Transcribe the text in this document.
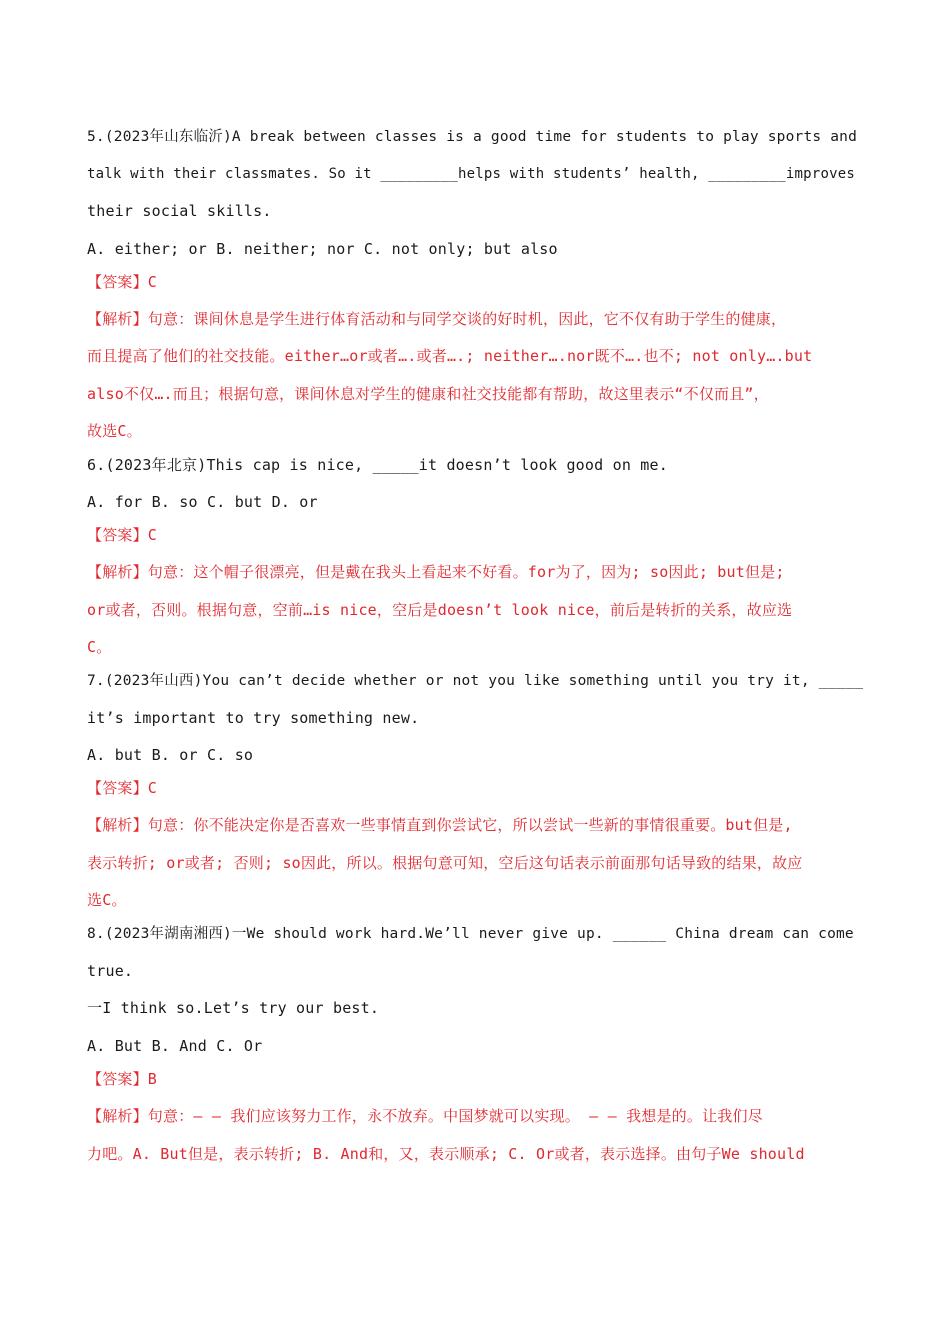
5.(2023年山东临沂)A break between classes is a good time for students to play sports and
talk with their classmates. So it _________helps with students’ health, _________improves
their social skills.
A. either; or B. neither; nor C. not only; but also
【答案】C
【解析】句意：课间休息是学生进行体育活动和与同学交谈的好时机，因此，它不仅有助于学生的健康，
而且提高了他们的社交技能。either…or或者….或者….; neither….nor既不….也不; not only….but
also不仅….而且；根据句意，课间休息对学生的健康和社交技能都有帮助，故这里表示“不仅而且”，
故选C。
6.(2023年北京)This cap is nice, _____it doesn’t look good on me.
A. for B. so C. but D. or
【答案】C
【解析】句意：这个帽子很漂亮，但是戴在我头上看起来不好看。for为了，因为; so因此; but但是;
or或者，否则。根据句意，空前…is nice，空后是doesn’t look nice，前后是转折的关系，故应选
C。
7.(2023年山西)You can’t decide whether or not you like something until you try it, _____
it’s important to try something new.
A. but B. or C. so
【答案】C
【解析】句意：你不能决定你是否喜欢一些事情直到你尝试它，所以尝试一些新的事情很重要。but但是,
表示转折; or或者; 否则; so因此，所以。根据句意可知，空后这句话表示前面那句话导致的结果，故应
选C。
8.(2023年湖南湘西)一We should work hard.We’ll never give up. ______ China dream can come
true.
一I think so.Let’s try our best.
A. But B. And C. Or
【答案】B
【解析】句意：— — 我们应该努力工作，永不放弃。中国梦就可以实现。 — — 我想是的。让我们尽
力吧。A. But但是，表示转折; B. And和，又，表示顺承; C. Or或者，表示选择。由句子We should
